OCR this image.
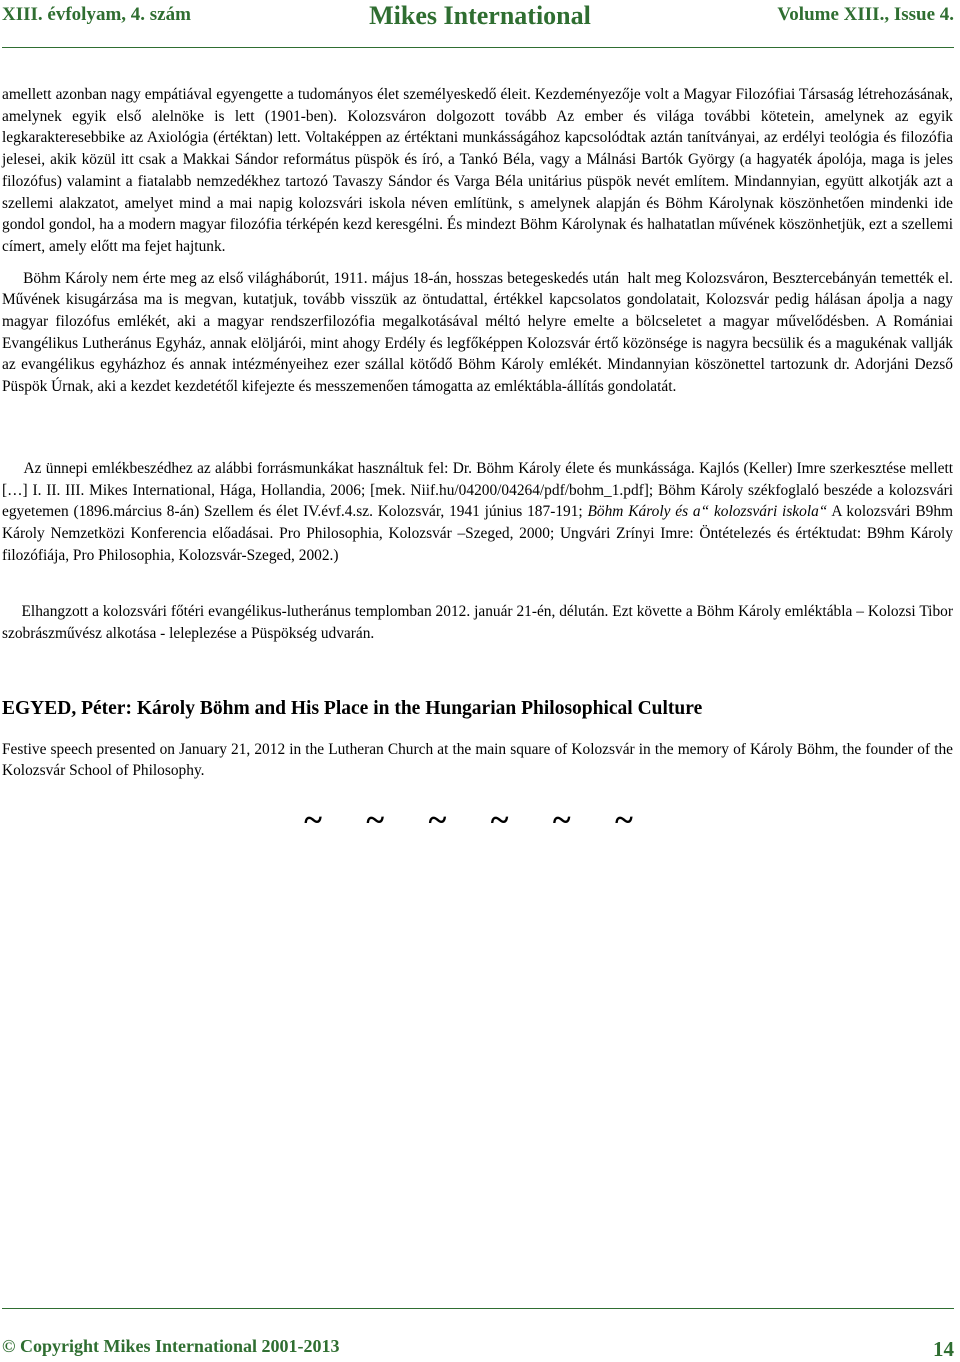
XIII. évfolyam, 4. szám	Mikes International	Volume XIII., Issue 4.

amellett azonban nagy empátiával egyengette a tudományos élet személyeskedő éleit. Kezdeményezője volt a Magyar Filozófiai Társaság létrehozásának, amelynek egyik első alelnöke is lett (1901-ben). Kolozsváron dolgozott tovább Az ember és világa további kötetein, amelynek az egyik legkarakteresebbike az Axiológia (értéktan) lett. Voltaképpen az értéktani munkásságához kapcsolódtak aztán tanítványai, az erdélyi teológia és filozófia jelesei, akik közül itt csak a Makkai Sándor református püspök és író, a Tankó Béla, vagy a Málnási Bartók György (a hagyaték ápolója, maga is jeles filozófus) valamint a fiatalabb nemzedékhez tartozó Tavaszy Sándor és Varga Béla unitárius püspök nevét említem. Mindannyian, együtt alkotják azt a szellemi alakzatot, amelyet mind a mai napig kolozsvári iskola néven említünk, s amelynek alapján és Böhm Károlynak köszönhetően mindenki ide gondol gondol, ha a modern magyar filozófia térképén kezd keresgélni. És mindezt Böhm Károlynak és halhatatlan művének köszönhetjük, ezt a szellemi címert, amely előtt ma fejet hajtunk.

Böhm Károly nem érte meg az első világháborút, 1911. május 18-án, hosszas betegeskedés után  halt meg Kolozsváron, Besztercebányán temették el. Művének kisugárzása ma is megvan, kutatjuk, tovább visszük az öntudattal, értékkel kapcsolatos gondolatait, Kolozsvár pedig hálásan ápolja a nagy magyar filozófus emlékét, aki a magyar rendszerfilozófia megalkotásával méltó helyre emelte a bölcseletet a magyar művelődésben. A Romániai Evangélikus Lutheránus Egyház, annak elöljárói, mint ahogy Erdély és legfőképpen Kolozsvár értő közönsége is nagyra becsülik és a magukénak vallják az evangélikus egyházhoz és annak intézményeihez ezer szállal kötődő Böhm Károly emlékét. Mindannyian köszönettel tartozunk dr. Adorjáni Dezső Püspök Úrnak, aki a kezdet kezdetétől kifejezte és messzemenően támogatta az emléktábla-állítás gondolatát.

Az ünnepi emlékbeszédhez az alábbi forrásmunkákat használtuk fel: Dr. Böhm Károly élete és munkássága. Kajlós (Keller) Imre szerkesztése mellett […] I. II. III. Mikes International, Hága, Hollandia, 2006; [mek. Niif.hu/04200/04264/pdf/bohm_1.pdf]; Böhm Károly székfoglaló beszéde a kolozsvári egyetemen (1896.március 8-án) Szellem és élet IV.évf.4.sz. Kolozsvár, 1941 június 187-191; Böhm Károly és a“ kolozsvári iskola“ A kolozsvári B9hm Károly Nemzetközi Konferencia előadásai. Pro Philosophia, Kolozsvár –Szeged, 2000; Ungvári Zrínyi Imre: Öntételezés és értéktudat: B9hm Károly filozófiája, Pro Philosophia, Kolozsvár-Szeged, 2002.)

Elhangzott a kolozsvári főtéri evangélikus-lutheránus templomban 2012. január 21-én, délután. Ezt követte a Böhm Károly emléktábla – Kolozsi Tibor szobrászművész alkotása - leleplezése a Püspökség udvarán.

EGYED, Péter: Károly Böhm and His Place in the Hungarian Philosophical Culture

Festive speech presented on January 21, 2012 in the Lutheran Church at the main square of Kolozsvár in the memory of Károly Böhm, the founder of the Kolozsvár School of Philosophy.

~ ~ ~ ~ ~ ~

© Copyright Mikes International 2001-2013	14
